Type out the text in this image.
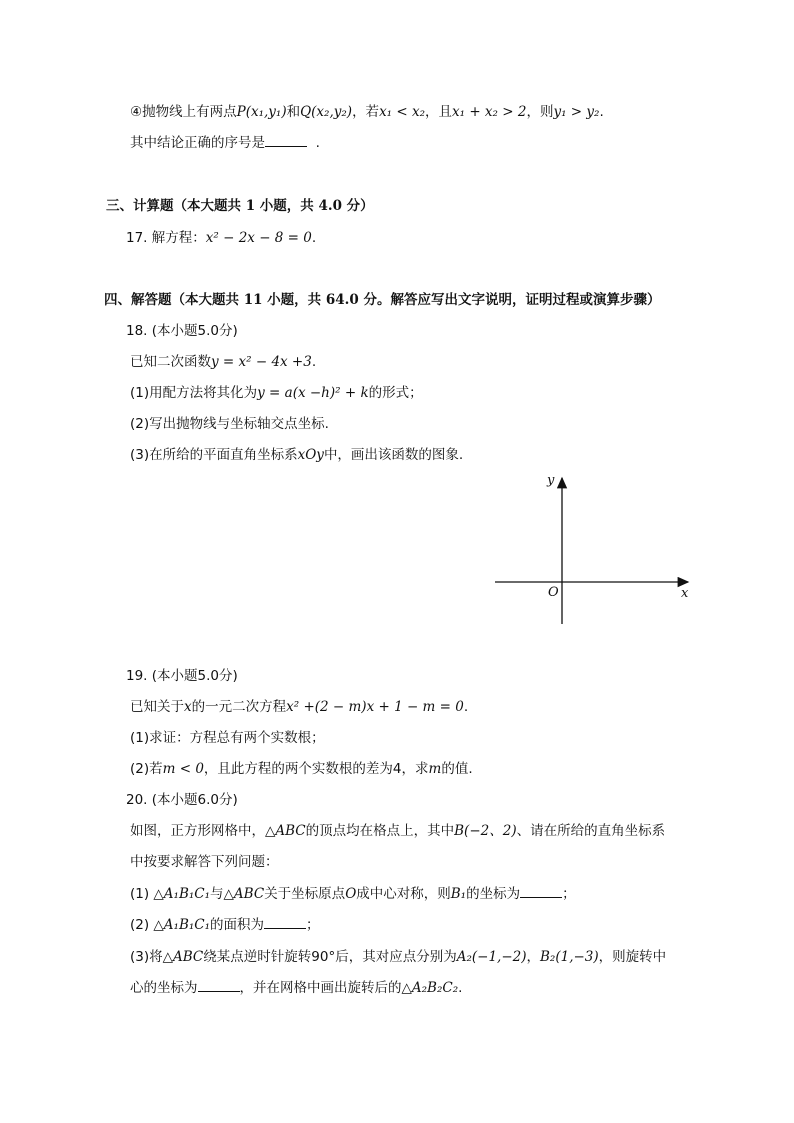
④抛物线上有两点P(x₁,y₁)和Q(x₂,y₂)，若x₁ < x₂，且x₁ + x₂ > 2，则y₁ > y₂.
其中结论正确的序号是	.
三、计算题（本大题共 1 小题，共 4.0 分）
17. 解方程：x² − 2x − 8 = 0.
四、解答题（本大题共 11 小题，共 64.0 分。解答应写出文字说明，证明过程或演算步骤）
18. (本小题5.0分)
已知二次函数y = x² − 4x +3.
(1)用配方法将其化为y = a(x −h)² + k的形式；
(2)写出抛物线与坐标轴交点坐标.
(3)在所给的平面直角坐标系xOy中，画出该函数的图象.
y
O	x
19. (本小题5.0分)
已知关于x的一元二次方程x² +(2 − m)x + 1 − m = 0.
(1)求证：方程总有两个实数根；
(2)若m < 0，且此方程的两个实数根的差为4，求m的值.
20. (本小题6.0分)
如图，正方形网格中，△ABC的顶点均在格点上，其中B(−2、2)、请在所给的直角坐标系
中按要求解答下列问题：
(1) △A₁B₁C₁与△ABC关于坐标原点O成中心对称，则B₁的坐标为	；
(2) △A₁B₁C₁的面积为	；
(3)将△ABC绕某点逆时针旋转90°后，其对应点分别为A₂(−1,−2)，B₂(1,−3)，则旋转中
心的坐标为	，并在网格中画出旋转后的△A₂B₂C₂.
